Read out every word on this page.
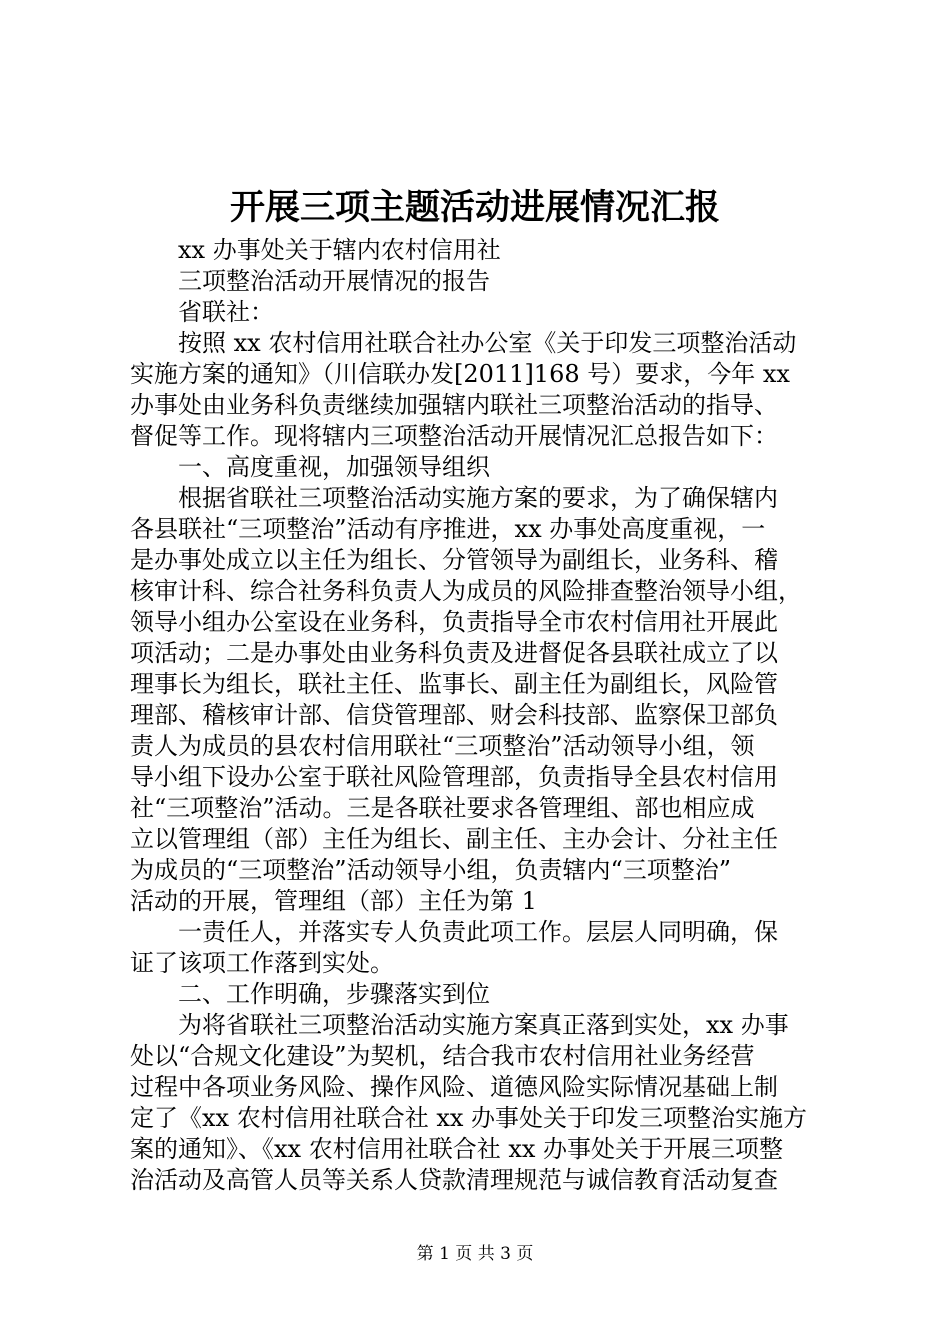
开展三项主题活动进展情况汇报
　　xx 办事处关于辖内农村信用社
　　三项整治活动开展情况的报告
　　省联社：
　　按照 xx 农村信用社联合社办公室《关于印发三项整治活动
实施方案的通知》（川信联办发[2011]168 号）要求，今年 xx
办事处由业务科负责继续加强辖内联社三项整治活动的指导、
督促等工作。现将辖内三项整治活动开展情况汇总报告如下：
　　一、高度重视，加强领导组织
　　根据省联社三项整治活动实施方案的要求，为了确保辖内
各县联社“三项整治”活动有序推进，xx 办事处高度重视，一
是办事处成立以主任为组长、分管领导为副组长，业务科、稽
核审计科、综合社务科负责人为成员的风险排查整治领导小组，
领导小组办公室设在业务科，负责指导全市农村信用社开展此
项活动；二是办事处由业务科负责及进督促各县联社成立了以
理事长为组长，联社主任、监事长、副主任为副组长，风险管
理部、稽核审计部、信贷管理部、财会科技部、监察保卫部负
责人为成员的县农村信用联社“三项整治”活动领导小组，领
导小组下设办公室于联社风险管理部，负责指导全县农村信用
社“三项整治”活动。三是各联社要求各管理组、部也相应成
立以管理组（部）主任为组长、副主任、主办会计、分社主任
为成员的“三项整治”活动领导小组，负责辖内“三项整治”
活动的开展，管理组（部）主任为第 1
　　一责任人，并落实专人负责此项工作。层层人同明确，保
证了该项工作落到实处。
　　二、工作明确，步骤落实到位
　　为将省联社三项整治活动实施方案真正落到实处，xx 办事
处以“合规文化建设”为契机，结合我市农村信用社业务经营
过程中各项业务风险、操作风险、道德风险实际情况基础上制
定了《xx 农村信用社联合社 xx 办事处关于印发三项整治实施方
案的通知》、《xx 农村信用社联合社 xx 办事处关于开展三项整
治活动及高管人员等关系人贷款清理规范与诚信教育活动复查
第 1 页 共 3 页
